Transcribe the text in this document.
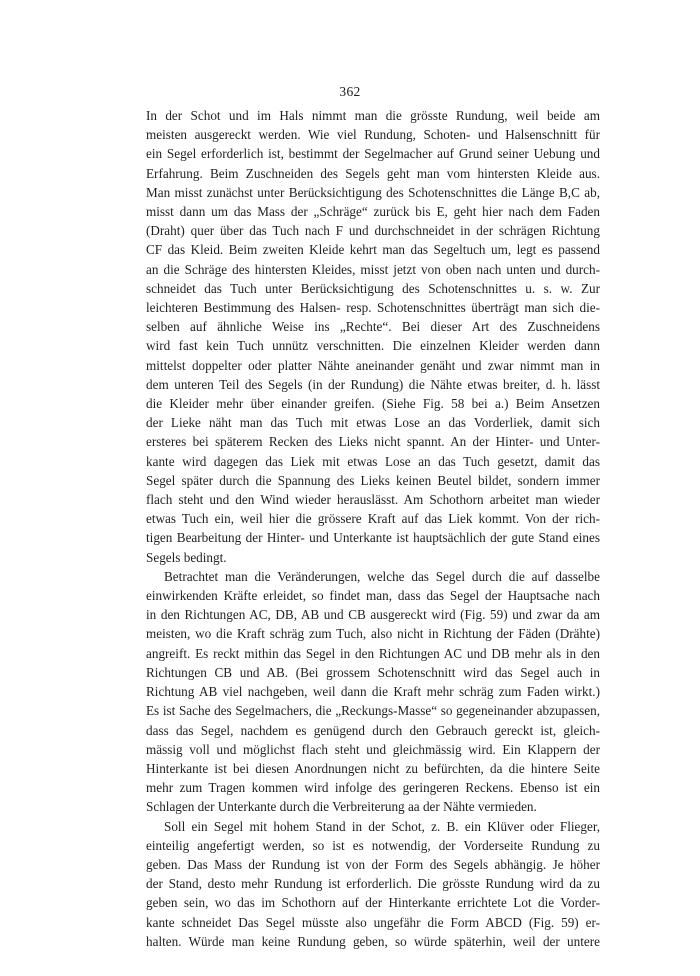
362

In der Schot und im Hals nimmt man die grösste Rundung, weil beide am
meisten ausgereckt werden. Wie viel Rundung, Schoten- und Halsenschnitt für
ein Segel erforderlich ist, bestimmt der Segelmacher auf Grund seiner Uebung und
Erfahrung. Beim Zuschneiden des Segels geht man vom hintersten Kleide aus.
Man misst zunächst unter Berücksichtigung des Schotenschnittes die Länge B,C ab,
misst dann um das Mass der „Schräge“ zurück bis E, geht hier nach dem Faden
(Draht) quer über das Tuch nach F und durchschneidet in der schrägen Richtung
CF das Kleid. Beim zweiten Kleide kehrt man das Segeltuch um, legt es passend
an die Schräge des hintersten Kleides, misst jetzt von oben nach unten und durch-
schneidet das Tuch unter Berücksichtigung des Schotenschnittes u. s. w. Zur
leichteren Bestimmung des Halsen- resp. Schotenschnittes überträgt man sich die-
selben auf ähnliche Weise ins „Rechte“. Bei dieser Art des Zuschneidens
wird fast kein Tuch unnütz verschnitten. Die einzelnen Kleider werden dann
mittelst doppelter oder platter Nähte aneinander genäht und zwar nimmt man in
dem unteren Teil des Segels (in der Rundung) die Nähte etwas breiter, d. h. lässt
die Kleider mehr über einander greifen. (Siehe Fig. 58 bei a.) Beim Ansetzen
der Lieke näht man das Tuch mit etwas Lose an das Vorderliek, damit sich
ersteres bei späterem Recken des Lieks nicht spannt. An der Hinter- und Unter-
kante wird dagegen das Liek mit etwas Lose an das Tuch gesetzt, damit das
Segel später durch die Spannung des Lieks keinen Beutel bildet, sondern immer
flach steht und den Wind wieder herauslässt. Am Schothorn arbeitet man wieder
etwas Tuch ein, weil hier die grössere Kraft auf das Liek kommt. Von der rich-
tigen Bearbeitung der Hinter- und Unterkante ist hauptsächlich der gute Stand eines
Segels bedingt.

Betrachtet man die Veränderungen, welche das Segel durch die auf dasselbe
einwirkenden Kräfte erleidet, so findet man, dass das Segel der Hauptsache nach
in den Richtungen AC, DB, AB und CB ausgereckt wird (Fig. 59) und zwar da am
meisten, wo die Kraft schräg zum Tuch, also nicht in Richtung der Fäden (Drähte)
angreift. Es reckt mithin das Segel in den Richtungen AC und DB mehr als in den
Richtungen CB und AB. (Bei grossem Schotenschnitt wird das Segel auch in
Richtung AB viel nachgeben, weil dann die Kraft mehr schräg zum Faden wirkt.)
Es ist Sache des Segelmachers, die „Reckungs-Masse“ so gegeneinander abzupassen,
dass das Segel, nachdem es genügend durch den Gebrauch gereckt ist, gleich-
mässig voll und möglichst flach steht und gleichmässig wird. Ein Klappern der
Hinterkante ist bei diesen Anordnungen nicht zu befürchten, da die hintere Seite
mehr zum Tragen kommen wird infolge des geringeren Reckens. Ebenso ist ein
Schlagen der Unterkante durch die Verbreiterung aa der Nähte vermieden.

Soll ein Segel mit hohem Stand in der Schot, z. B. ein Klüver oder Flieger,
einteilig angefertigt werden, so ist es notwendig, der Vorderseite Rundung zu
geben. Das Mass der Rundung ist von der Form des Segels abhängig. Je höher
der Stand, desto mehr Rundung ist erforderlich. Die grösste Rundung wird da zu
geben sein, wo das im Schothorn auf der Hinterkante errichtete Lot die Vorder-
kante schneidet Das Segel müsste also ungefähr die Form ABCD (Fig. 59) er-
halten. Würde man keine Rundung geben, so würde späterhin, weil der untere
